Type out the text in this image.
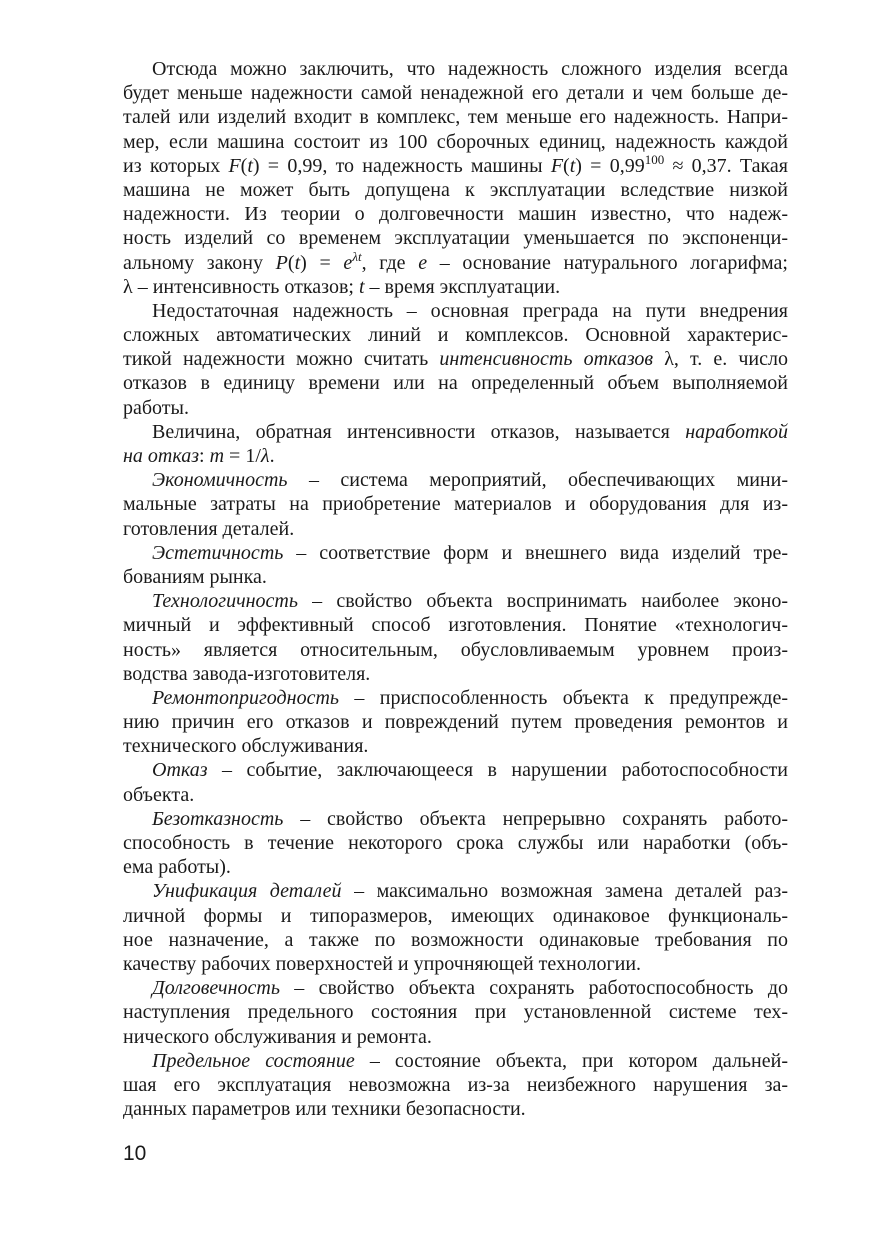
Отсюда можно заключить, что надежность сложного изделия всегда
будет меньше надежности самой ненадежной его детали и чем больше де-
талей или изделий входит в комплекс, тем меньше его надежность. Напри-
мер, если машина состоит из 100 сборочных единиц, надежность каждой
из которых F(t) = 0,99, то надежность машины $F(t) = 0,99^{100} \approx 0,37$. Такая
машина не может быть допущена к эксплуатации вследствие низкой
надежности. Из теории о долговечности машин известно, что надеж-
ность изделий со временем эксплуатации уменьшается по экспоненци-
альному закону $P(t) = e^{\lambda t}$, где e – основание натурального логарифма;
λ – интенсивность отказов; t – время эксплуатации.
Недостаточная надежность – основная преграда на пути внедрения
сложных автоматических линий и комплексов. Основной характерис-
тикой надежности можно считать интенсивность отказов λ, т. е. число
отказов в единицу времени или на определенный объем выполняемой
работы.
Величина, обратная интенсивности отказов, называется наработкой
на отказ: m = 1/λ.
Экономичность – система мероприятий, обеспечивающих мини-
мальные затраты на приобретение материалов и оборудования для из-
готовления деталей.
Эстетичность – соответствие форм и внешнего вида изделий тре-
бованиям рынка.
Технологичность – свойство объекта воспринимать наиболее эконо-
мичный и эффективный способ изготовления. Понятие «технологич-
ность» является относительным, обусловливаемым уровнем произ-
водства завода-изготовителя.
Ремонтопригодность – приспособленность объекта к предупрежде-
нию причин его отказов и повреждений путем проведения ремонтов и
технического обслуживания.
Отказ – событие, заключающееся в нарушении работоспособности
объекта.
Безотказность – свойство объекта непрерывно сохранять работо-
способность в течение некоторого срока службы или наработки (объ-
ема работы).
Унификация деталей – максимально возможная замена деталей раз-
личной формы и типоразмеров, имеющих одинаковое функциональ-
ное назначение, а также по возможности одинаковые требования по
качеству рабочих поверхностей и упрочняющей технологии.
Долговечность – свойство объекта сохранять работоспособность до
наступления предельного состояния при установленной системе тех-
нического обслуживания и ремонта.
Предельное состояние – состояние объекта, при котором дальней-
шая его эксплуатация невозможна из-за неизбежного нарушения за-
данных параметров или техники безопасности.
10
